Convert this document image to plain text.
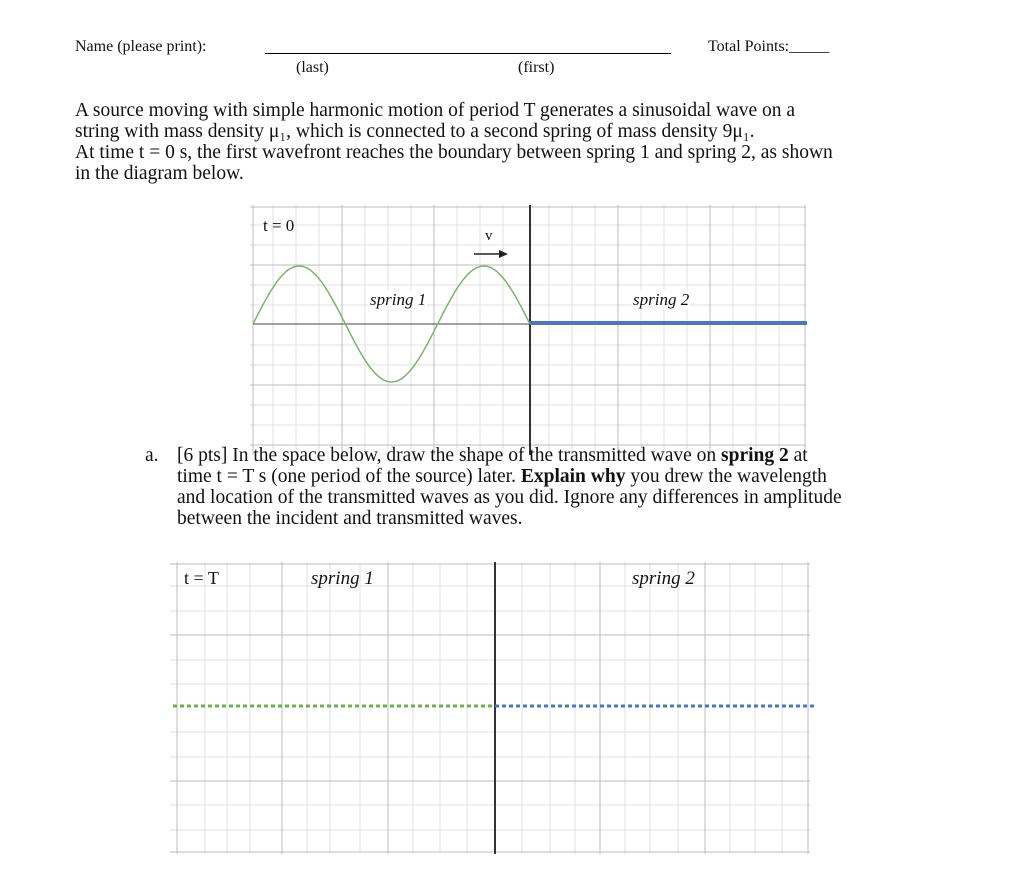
Name (please print):
(last)	(first)
Total Points:_____
A source moving with simple harmonic motion of period T generates a sinusoidal wave on a
string with mass density μ₁, which is connected to a second spring of mass density 9μ₁.
At time t = 0 s, the first wavefront reaches the boundary between spring 1 and spring 2, as shown
in the diagram below.
t = 0
v
spring 1	spring 2
a. [6 pts] In the space below, draw the shape of the transmitted wave on spring 2 at
time t = T s (one period of the source) later. Explain why you drew the wavelength
and location of the transmitted waves as you did. Ignore any differences in amplitude
between the incident and transmitted waves.
t = T	spring 1	spring 2
